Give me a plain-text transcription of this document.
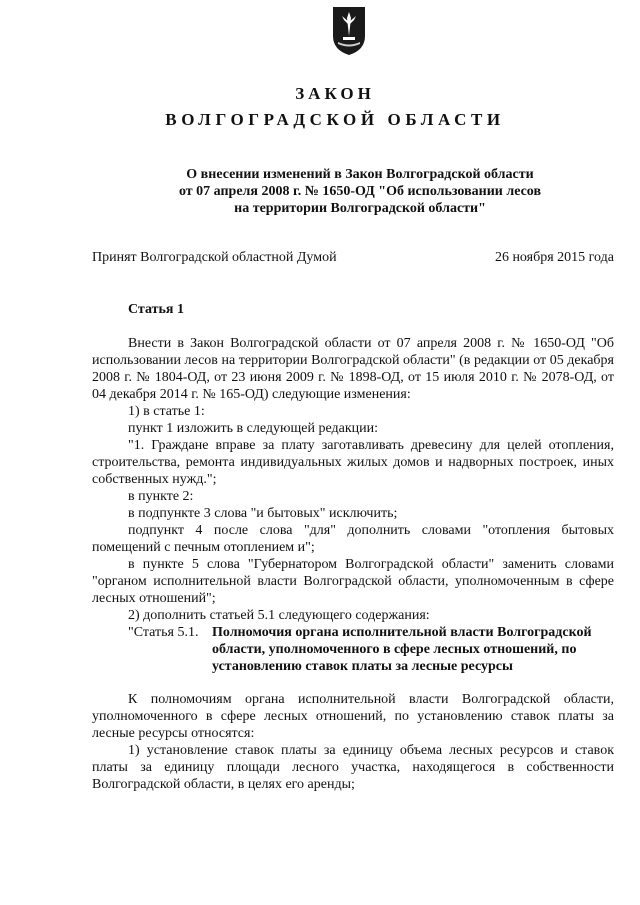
ЗАКОН
ВОЛГОГРАДСКОЙ ОБЛАСТИ
О внесении изменений в Закон Волгоградской области
от 07 апреля 2008 г. № 1650-ОД "Об использовании лесов
на территории Волгоградской области"
Принят Волгоградской областной Думой	26 ноября 2015 года
Статья 1

Внести в Закон Волгоградской области от 07 апреля 2008 г. № 1650-ОД "Об использовании лесов на территории Волгоградской области" (в редакции от 05 декабря 2008 г. № 1804-ОД, от 23 июня 2009 г. № 1898-ОД, от 15 июля 2010 г. № 2078-ОД, от 04 декабря 2014 г. № 165-ОД) следующие изменения:

1) в статье 1:

пункт 1 изложить в следующей редакции:

"1. Граждане вправе за плату заготавливать древесину для целей отопления, строительства, ремонта индивидуальных жилых домов и надворных построек, иных собственных нужд.";

в пункте 2:

в подпункте 3 слова "и бытовых" исключить;

подпункт 4 после слова "для" дополнить словами "отопления бытовых помещений с печным отоплением и";

в пункте 5 слова "Губернатором Волгоградской области" заменить словами "органом исполнительной власти Волгоградской области, уполномоченным в сфере лесных отношений";

2) дополнить статьей 5.1 следующего содержания:

"Статья 5.1. Полномочия органа исполнительной власти Волгоградской области, уполномоченного в сфере лесных отношений, по установлению ставок платы за лесные ресурсы

К полномочиям органа исполнительной власти Волгоградской области, уполномоченного в сфере лесных отношений, по установлению ставок платы за лесные ресурсы относятся:

1) установление ставок платы за единицу объема лесных ресурсов и ставок платы за единицу площади лесного участка, находящегося в собственности Волгоградской области, в целях его аренды;
